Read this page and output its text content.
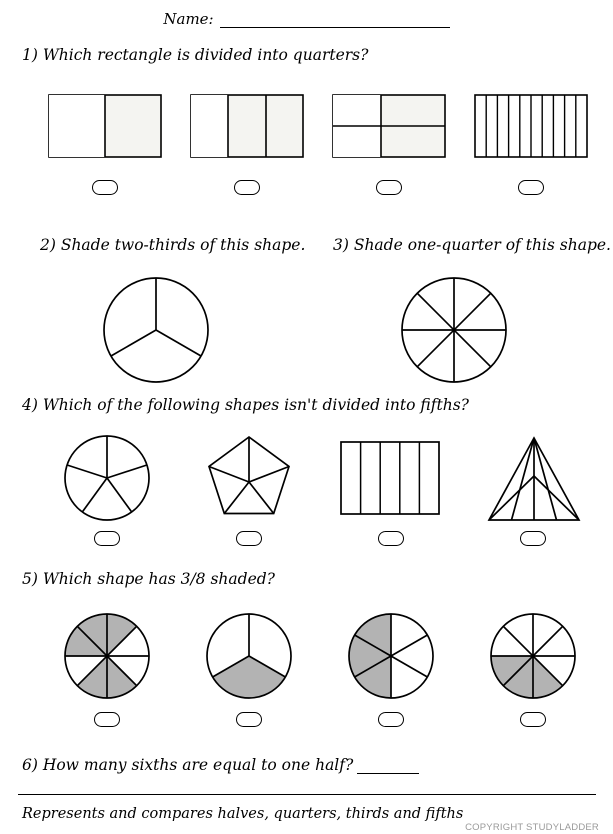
Name:
1) Which rectangle is divided into quarters?
2) Shade two-thirds of this shape. 3) Shade one-quarter of this shape.
4) Which of the following shapes isn't divided into fifths?
5) Which shape has 3/8 shaded?
6) How many sixths are equal to one half?
Represents and compares halves, quarters, thirds and fifths
COPYRIGHT STUDYLADDER
